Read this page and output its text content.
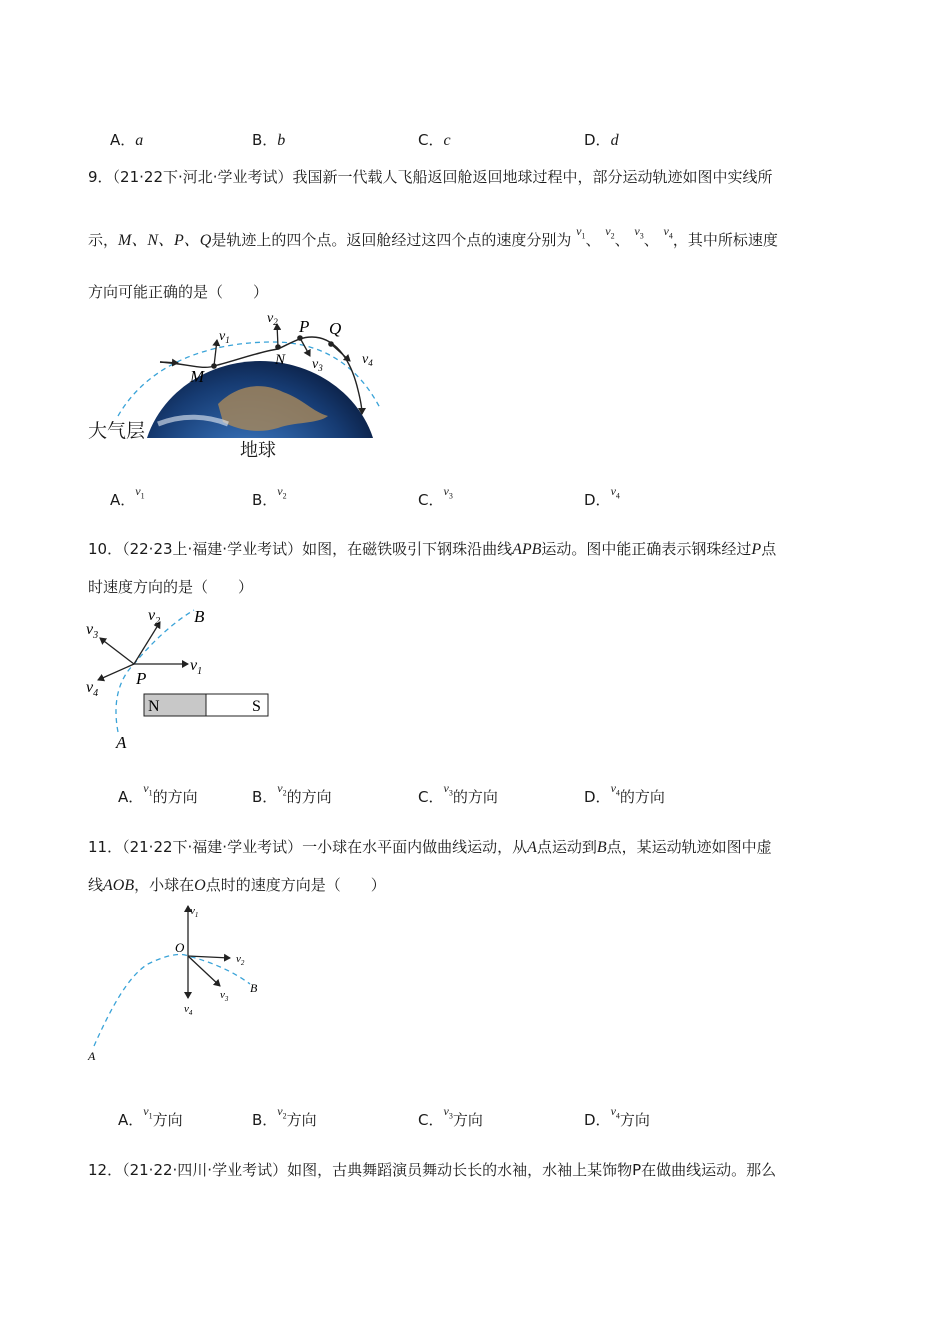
A．a	B．b	C．c	D．d
9．（21·22下·河北·学业考试）我国新一代载人飞船返回舱返回地球过程中，部分运动轨迹如图中实线所
示，M、N、P、Q是轨迹上的四个点。返回舱经过这四个点的速度分别为 $^{v_1}$、 $^{v_2}$、 $^{v_3}$、 $^{v_4}$，其中所标速度
方向可能正确的是（　　）
$v_1$
$v_2$ P Q
N $v_3$
$v_4$
M
大气层
地球
A．$^{v_1}$	B．$^{v_2}$	C．$^{v_3}$	D．$^{v_4}$
10．（22·23上·福建·学业考试）如图，在磁铁吸引下钢珠沿曲线APB运动。图中能正确表示钢珠经过P点
时速度方向的是（　　）
$v_2$ B
$v_3$
$v_1$
$v_4$
P
N	S
A
A．$^{v_1}$的方向	B．$^{v_2}$的方向	C．$^{v_3}$的方向	D．$^{v_4}$的方向
11．（21·22下·福建·学业考试）一小球在水平面内做曲线运动，从A点运动到B点，某运动轨迹如图中虚
线AOB，小球在O点时的速度方向是（　　）
$v_1$
O
$v_2$
$v_3$
B
$v_4$
A
A．$^{v_1}$方向	B．$^{v_2}$方向	C．$^{v_3}$方向	D．$^{v_4}$方向
12．（21·22·四川·学业考试）如图，古典舞蹈演员舞动长长的水袖，水袖上某饰物P在做曲线运动。那么
